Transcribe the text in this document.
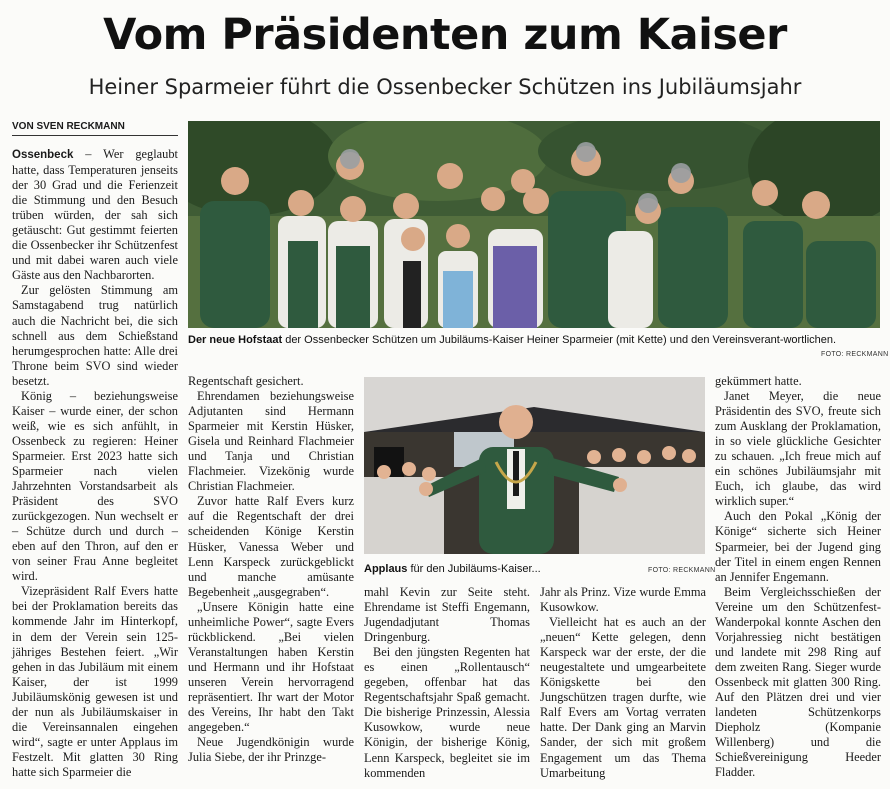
Vom Präsidenten zum Kaiser
Heiner Sparmeier führt die Ossenbecker Schützen ins Jubiläumsjahr
VON SVEN RECKMANN

Ossenbeck – Wer geglaubt hatte, dass Temperaturen jenseits der 30 Grad und die Ferienzeit die Stimmung und den Besuch trüben würden, der sah sich getäuscht: Gut gestimmt feierten die Ossenbecker ihr Schützenfest und mit dabei waren auch viele Gäste aus den Nachbarorten.

Zur gelösten Stimmung am Samstagabend trug natürlich auch die Nachricht bei, die sich schnell aus dem Schießstand herumgesprochen hatte: Alle drei Throne beim SVO sind wieder besetzt.

König – beziehungsweise Kaiser – wurde einer, der schon weiß, wie es sich anfühlt, in Ossenbeck zu regieren: Heiner Sparmeier. Erst 2023 hatte sich Sparmeier nach vielen Jahrzehnten Vorstandsarbeit als Präsident des SVO zurückgezogen. Nun wechselt er – Schütze durch und durch – eben auf den Thron, auf den er von seiner Frau Anne begleitet wird.

Vizepräsident Ralf Evers hatte bei der Proklamation bereits das kommende Jahr im Hinterkopf, in dem der Verein sein 125-jähriges Bestehen feiert. „Wir gehen in das Jubiläum mit einem Kaiser, der ist 1999 Jubiläumskönig gewesen ist und der nun als Jubiläumskaiser in die Vereinsannalen eingehen wird“, sagte er unter Applaus im Festzelt. Mit glatten 30 Ring hatte sich Sparmeier die

Der neue Hofstaat der Ossenbecker Schützen um Jubiläums-Kaiser Heiner Sparmeier (mit Kette) und den Vereinsverant-wortlichen.
FOTO: RECKMANN

Regentschaft gesichert.

Ehrendamen beziehungsweise Adjutanten sind Hermann Sparmeier mit Kerstin Hüsker, Gisela und Reinhard Flachmeier und Tanja und Christian Flachmeier. Vizekönig wurde Christian Flachmeier.

Zuvor hatte Ralf Evers kurz auf die Regentschaft der drei scheidenden Könige Kerstin Hüsker, Vanessa Weber und Lenn Karspeck zurückgeblickt und manche amüsante Begebenheit „ausgegraben“.

„Unsere Königin hatte eine unheimliche Power“, sagte Evers rückblickend. „Bei vielen Veranstaltungen haben Kerstin und Hermann und ihr Hofstaat unseren Verein hervorragend repräsentiert. Ihr wart der Motor des Vereins, Ihr habt den Takt angegeben.“

Neue Jugendkönigin wurde Julia Siebe, der ihr Prinzge-

Applaus für den Jubiläums-Kaiser...	FOTO: RECKMANN

mahl Kevin zur Seite steht. Ehrendame ist Steffi Engemann, Jugendadjutant Thomas Dringenburg.

Bei den jüngsten Regenten hat es einen „Rollentausch“ gegeben, offenbar hat das Regentschaftsjahr Spaß gemacht. Die bisherige Prinzessin, Alessia Kusowkow, wurde neue Königin, der bisherige König, Lenn Karspeck, begleitet sie im kommenden

Jahr als Prinz. Vize wurde Emma Kusowkow.

Vielleicht hat es auch an der „neuen“ Kette gelegen, denn Karspeck war der erste, der die neugestaltete und umgearbeitete Königskette bei den Jungschützen tragen durfte, wie Ralf Evers am Vortag verraten hatte. Der Dank ging an Marvin Sander, der sich mit großem Engagement um das Thema Umarbeitung

gekümmert hatte.

Janet Meyer, die neue Präsidentin des SVO, freute sich zum Ausklang der Proklamation, in so viele glückliche Gesichter zu schauen. „Ich freue mich auf ein schönes Jubiläumsjahr mit Euch, ich glaube, das wird wirklich super.“

Auch den Pokal „König der Könige“ sicherte sich Heiner Sparmeier, bei der Jugend ging der Titel in einem engen Rennen an Jennifer Engemann.

Beim Vergleichsschießen der Vereine um den Schützenfest-Wanderpokal konnte Aschen den Vorjahressieg nicht bestätigen und landete mit 298 Ring auf dem zweiten Rang. Sieger wurde Ossenbeck mit glatten 300 Ring. Auf den Plätzen drei und vier landeten Schützenkorps Diepholz (Kompanie Willenberg) und die Schießvereinigung Heeder Fladder.
